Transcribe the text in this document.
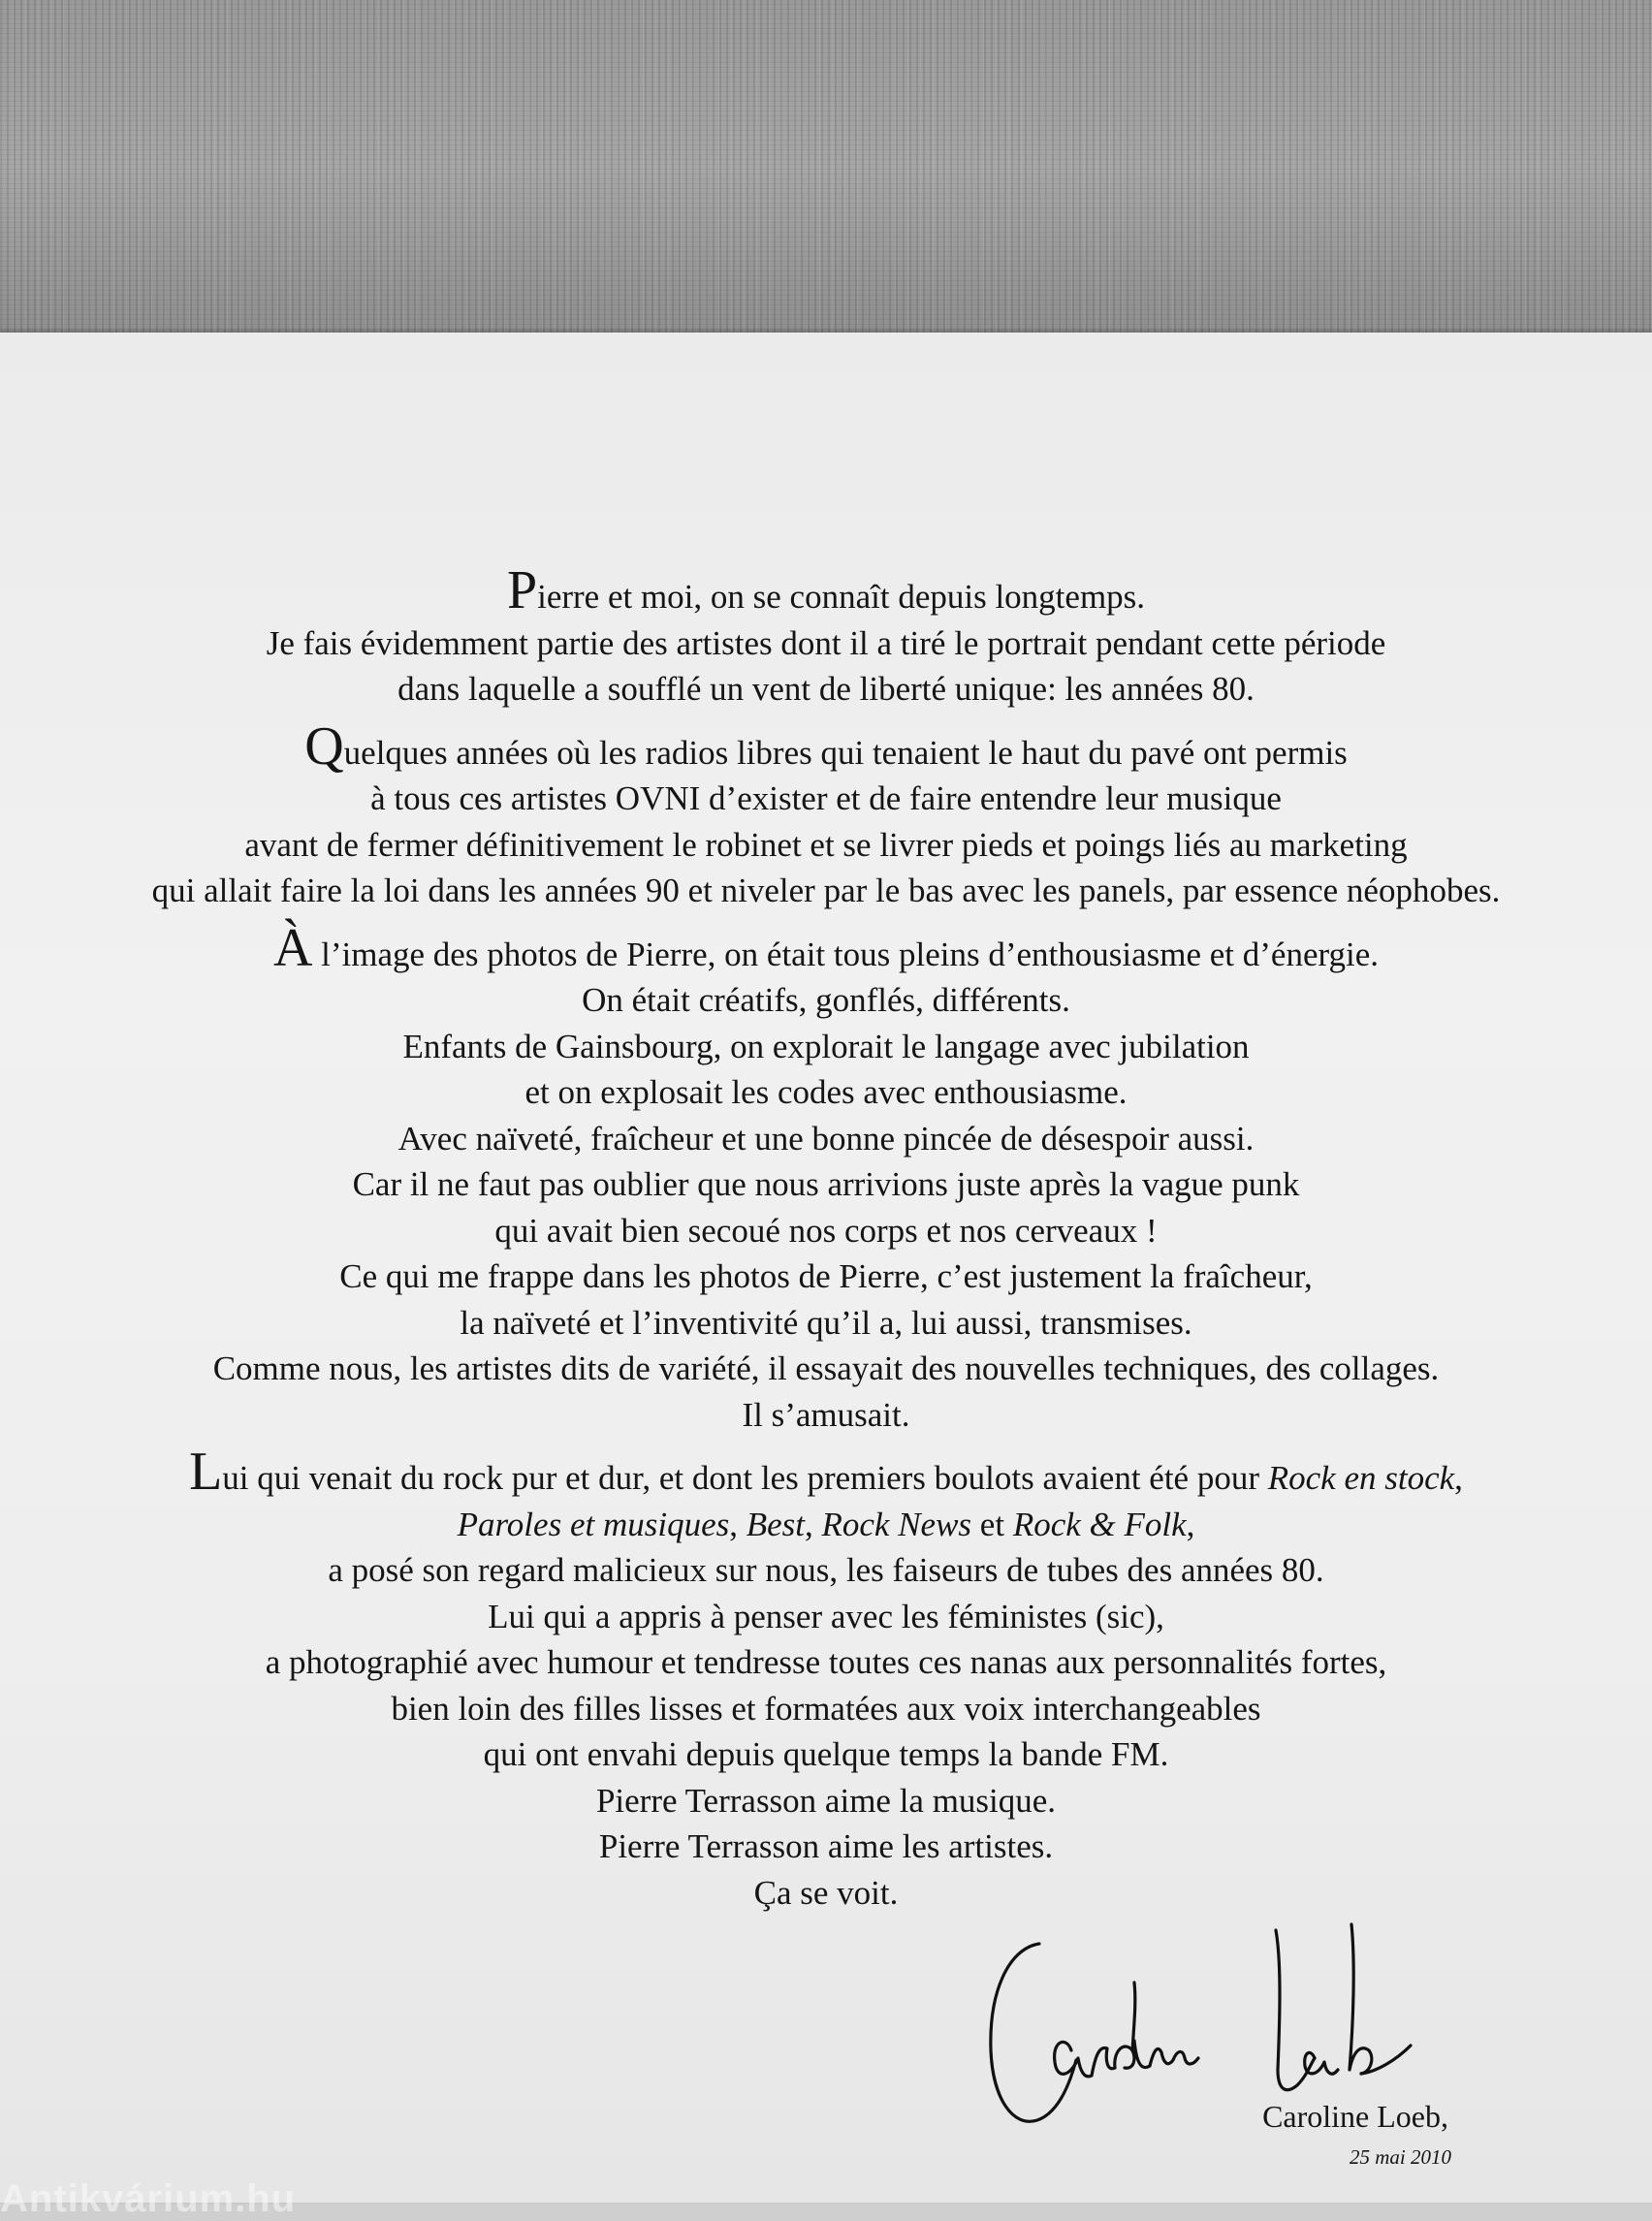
Pierre et moi, on se connaît depuis longtemps.
Je fais évidemment partie des artistes dont il a tiré le portrait pendant cette période
dans laquelle a soufflé un vent de liberté unique: les années 80.

Quelques années où les radios libres qui tenaient le haut du pavé ont permis
à tous ces artistes OVNI d’exister et de faire entendre leur musique
avant de fermer définitivement le robinet et se livrer pieds et poings liés au marketing
qui allait faire la loi dans les années 90 et niveler par le bas avec les panels, par essence néophobes.

À l’image des photos de Pierre, on était tous pleins d’enthousiasme et d’énergie.
On était créatifs, gonflés, différents.
Enfants de Gainsbourg, on explorait le langage avec jubilation
et on explosait les codes avec enthousiasme.
Avec naïveté, fraîcheur et une bonne pincée de désespoir aussi.
Car il ne faut pas oublier que nous arrivions juste après la vague punk
qui avait bien secoué nos corps et nos cerveaux !
Ce qui me frappe dans les photos de Pierre, c’est justement la fraîcheur,
la naïveté et l’inventivité qu’il a, lui aussi, transmises.
Comme nous, les artistes dits de variété, il essayait des nouvelles techniques, des collages.
Il s’amusait.

Lui qui venait du rock pur et dur, et dont les premiers boulots avaient été pour Rock en stock,
Paroles et musiques, Best, Rock News et Rock & Folk,
a posé son regard malicieux sur nous, les faiseurs de tubes des années 80.
Lui qui a appris à penser avec les féministes (sic),
a photographié avec humour et tendresse toutes ces nanas aux personnalités fortes,
bien loin des filles lisses et formatées aux voix interchangeables
qui ont envahi depuis quelque temps la bande FM.
Pierre Terrasson aime la musique.
Pierre Terrasson aime les artistes.
Ça se voit.

Caroline Loeb,
25 mai 2010
Antikvárium.hu
